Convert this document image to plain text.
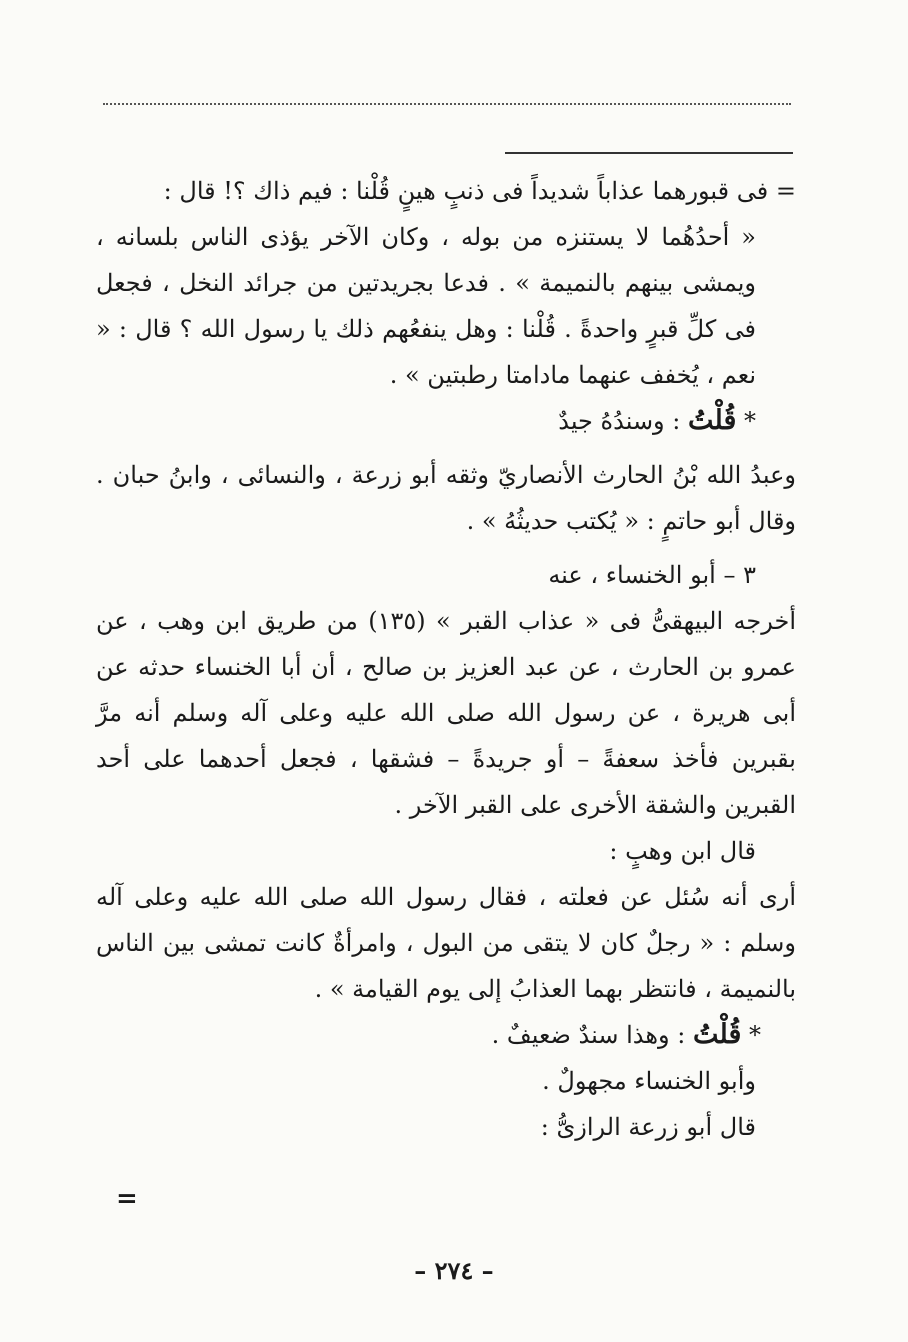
= فى قبورهما عذاباً شديداً فى ذنبٍ هينٍ قُلْنا : فيم ذاك ؟! قال :

« أحدُهُما لا يستنزه من بوله ، وكان الآخر يؤذى الناس بلسانه ، ويمشى بينهم بالنميمة » . فدعا بجريدتين من جرائد النخل ، فجعل فى كلِّ قبرٍ واحدةً . قُلْنا : وهل ينفعُهم ذلك يا رسول الله ؟ قال : « نعم ، يُخفف عنهما مادامتا رطبتين » .

* قُلْتُ : وسندُهُ جيدٌ

وعبدُ الله بْنُ الحارث الأنصاريّ وثقه أبو زرعة ، والنسائى ، وابنُ حبان . وقال أبو حاتمٍ : « يُكتب حديثُهُ » .

٣ – أبو الخنساء ، عنه

أخرجه البيهقىُّ فى « عذاب القبر » (١٣٥) من طريق ابن وهب ، عن عمرو بن الحارث ، عن عبد العزيز بن صالح ، أن أبا الخنساء حدثه عن أبى هريرة ، عن رسول الله صلى الله عليه وعلى آله وسلم أنه مرَّ بقبرين فأخذ سعفةً – أو جريدةً – فشقها ، فجعل أحدهما على أحد القبرين والشقة الأخرى على القبر الآخر .

قال ابن وهبٍ :

أرى أنه سُئل عن فعلته ، فقال رسول الله صلى الله عليه وعلى آله وسلم : « رجلٌ كان لا يتقى من البول ، وامرأةٌ كانت تمشى بين الناس بالنميمة ، فانتظر بهما العذابُ إلى يوم القيامة » .

* قُلْتُ : وهذا سندٌ ضعيفٌ .

وأبو الخنساء مجهولٌ .

قال أبو زرعة الرازىُّ :

=
– ٢٧٤ –
